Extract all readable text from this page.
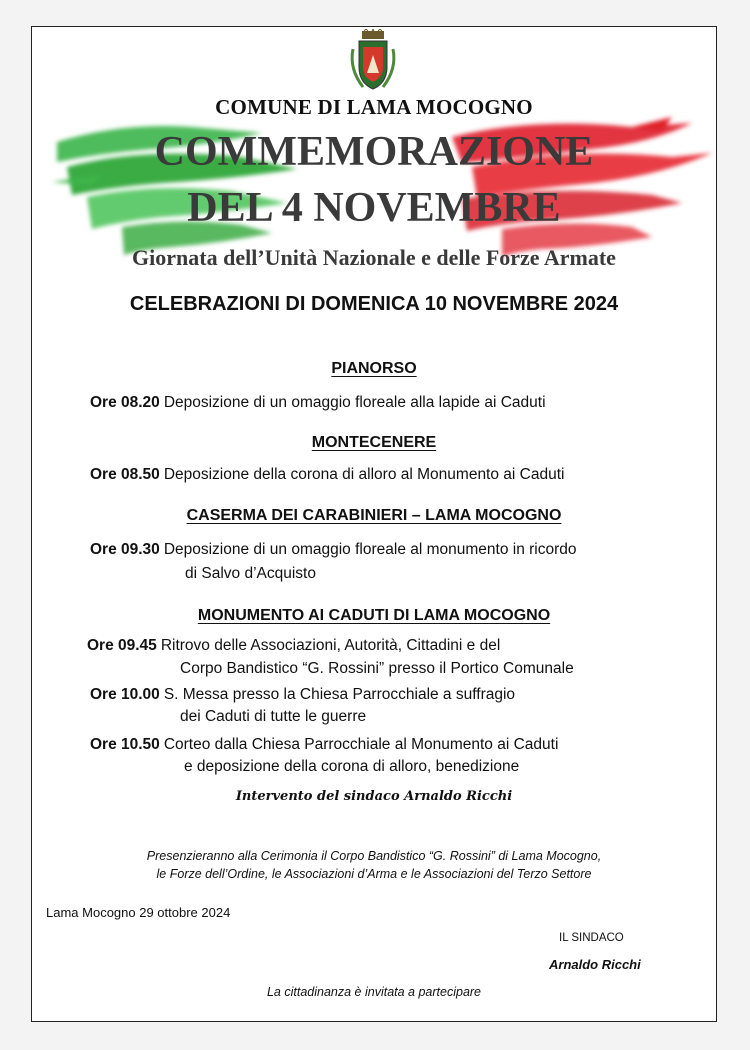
COMUNE DI LAMA MOCOGNO
COMMEMORAZIONE
DEL 4 NOVEMBRE
Giornata dell’Unità Nazionale e delle Forze Armate
CELEBRAZIONI DI DOMENICA 10 NOVEMBRE 2024
PIANORSO
Ore 08.20 Deposizione di un omaggio floreale alla lapide ai Caduti
MONTECENERE
Ore 08.50 Deposizione della corona di alloro al Monumento ai Caduti
CASERMA DEI CARABINIERI – LAMA MOCOGNO
Ore 09.30 Deposizione di un omaggio floreale al monumento in ricordo
di Salvo d’Acquisto
MONUMENTO AI CADUTI DI LAMA MOCOGNO
Ore 09.45 Ritrovo delle Associazioni, Autorità, Cittadini e del
Corpo Bandistico “G. Rossini” presso il Portico Comunale
Ore 10.00 S. Messa presso la Chiesa Parrocchiale a suffragio
dei Caduti di tutte le guerre
Ore 10.50 Corteo dalla Chiesa Parrocchiale al Monumento ai Caduti
e deposizione della corona di alloro, benedizione
Intervento del sindaco Arnaldo Ricchi
Presenzieranno alla Cerimonia il Corpo Bandistico “G. Rossini” di Lama Mocogno,
le Forze dell’Ordine, le Associazioni d’Arma e le Associazioni del Terzo Settore
Lama Mocogno 29 ottobre 2024
IL SINDACO
Arnaldo Ricchi
La cittadinanza è invitata a partecipare
